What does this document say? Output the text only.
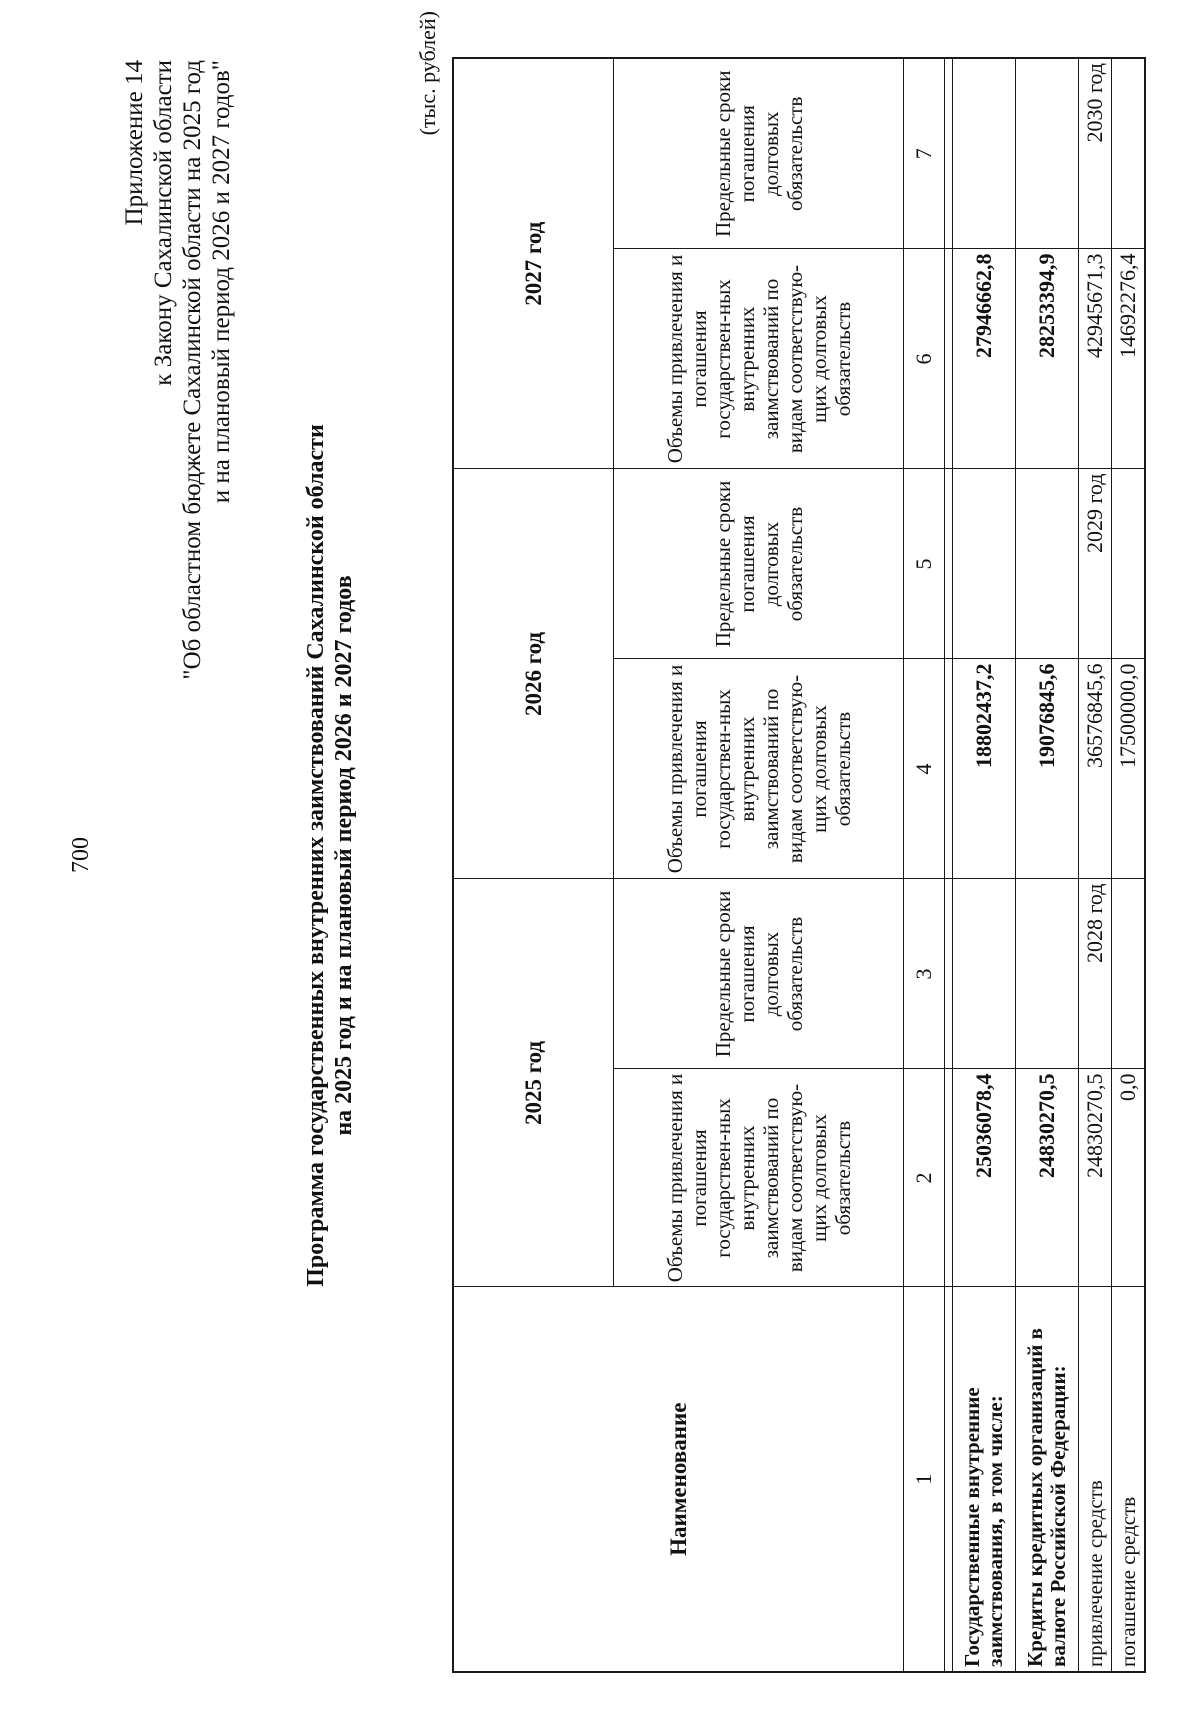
700
Приложение 14 к Закону Сахалинской области "Об областном бюджете Сахалинской области на 2025 год и на плановый период 2026 и 2027 годов"
Программа государственных внутренних заимствований Сахалинской области на 2025 год и на плановый период 2026 и 2027 годов
(тыс. рублей)
Наименование	2025 год		2026 год		2027 год	
	Объемы привлечения и погашения государствен-ных внутренних заимствований по видам соответствую-щих долговых обязательств	Предельные сроки погашения долговых обязательств	Объемы привлечения и погашения государствен-ных внутренних заимствований по видам соответствую-щих долговых обязательств	Предельные сроки погашения долговых обязательств	Объемы привлечения и погашения государствен-ных внутренних заимствований по видам соответствую-щих долговых обязательств	Предельные сроки погашения долговых обязательств
1	2	3	4	5	6	7

Государственные внутренние заимствования, в том числе:	25036078,4		18802437,2		27946662,8	
Кредиты кредитных организаций в валюте Российской Федерации:	24830270,5		19076845,6		28253394,9	
привлечение средств	24830270,5	2028 год	36576845,6	2029 год	42945671,3	2030 год
погашение средств	0,0		17500000,0		14692276,4	
